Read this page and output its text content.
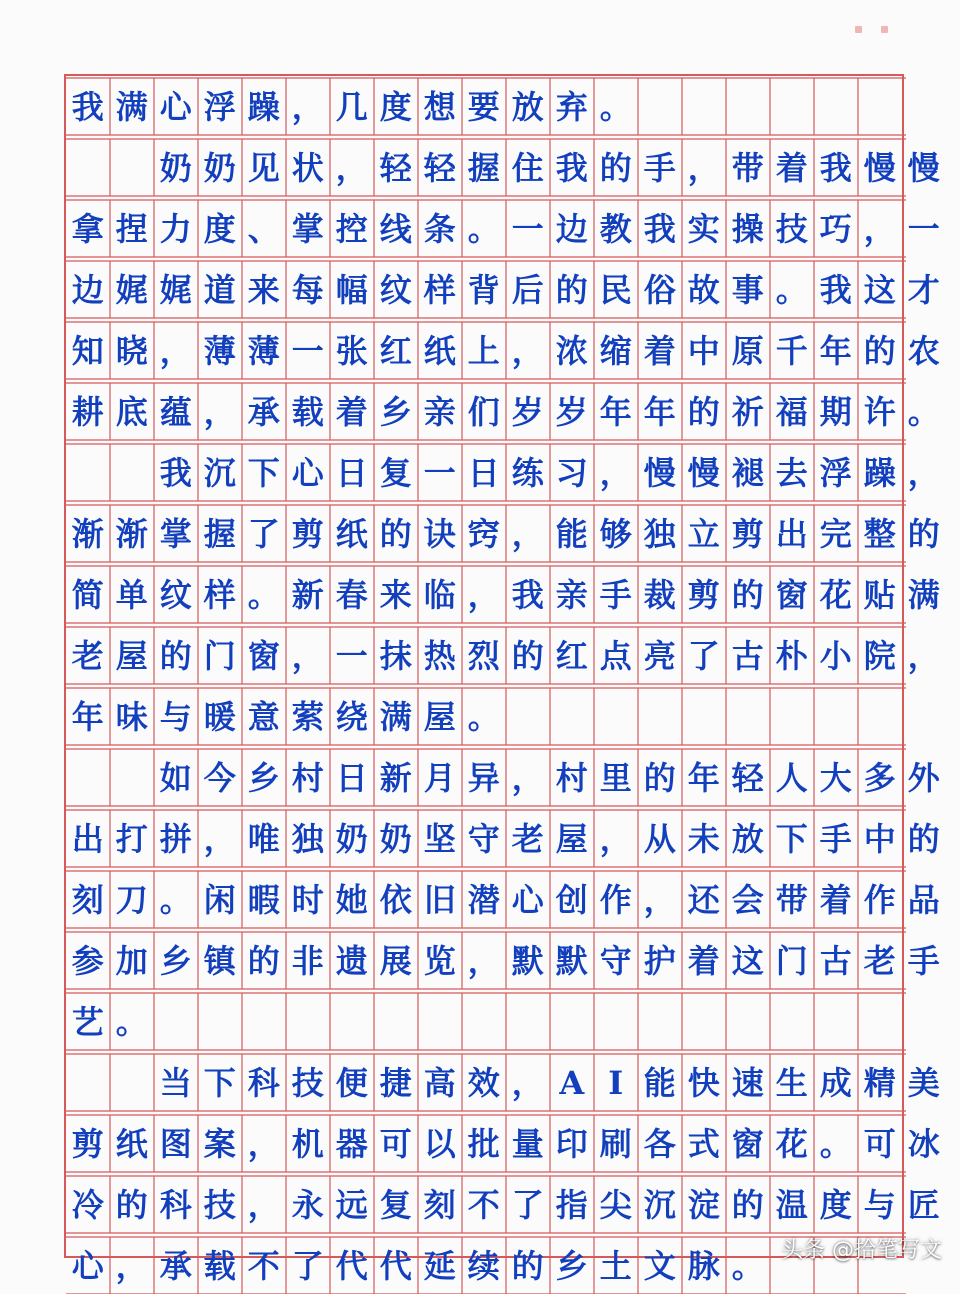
我 满 心 浮 躁 ， 几 度 想 要 放 弃 。
奶 奶 见 状 ， 轻 轻 握 住 我 的 手 ， 带 着 我 慢 慢
拿 捏 力 度 、 掌 控 线 条 。 一 边 教 我 实 操 技 巧 ， 一
边 娓 娓 道 来 每 幅 纹 样 背 后 的 民 俗 故 事 。 我 这 才
知 晓 ， 薄 薄 一 张 红 纸 上 ， 浓 缩 着 中 原 千 年 的 农
耕 底 蕴 ， 承 载 着 乡 亲 们 岁 岁 年 年 的 祈 福 期 许 。
我 沉 下 心 日 复 一 日 练 习 ， 慢 慢 褪 去 浮 躁 ，
渐 渐 掌 握 了 剪 纸 的 诀 窍 ， 能 够 独 立 剪 出 完 整 的
简 单 纹 样 。 新 春 来 临 ， 我 亲 手 裁 剪 的 窗 花 贴 满
老 屋 的 门 窗 ， 一 抹 热 烈 的 红 点 亮 了 古 朴 小 院 ，
年 味 与 暖 意 萦 绕 满 屋 。
如 今 乡 村 日 新 月 异 ， 村 里 的 年 轻 人 大 多 外
出 打 拼 ， 唯 独 奶 奶 坚 守 老 屋 ， 从 未 放 下 手 中 的
刻 刀 。 闲 暇 时 她 依 旧 潜 心 创 作 ， 还 会 带 着 作 品
参 加 乡 镇 的 非 遗 展 览 ， 默 默 守 护 着 这 门 古 老 手
艺 。
当 下 科 技 便 捷 高 效 ， A I 能 快 速 生 成 精 美
剪 纸 图 案 ， 机 器 可 以 批 量 印 刷 各 式 窗 花 。 可 冰
冷 的 科 技 ， 永 远 复 刻 不 了 指 尖 沉 淀 的 温 度 与 匠
心 ， 承 载 不 了 代 代 延 续 的 乡 土 文 脉 。 头条 @拾笔写文
